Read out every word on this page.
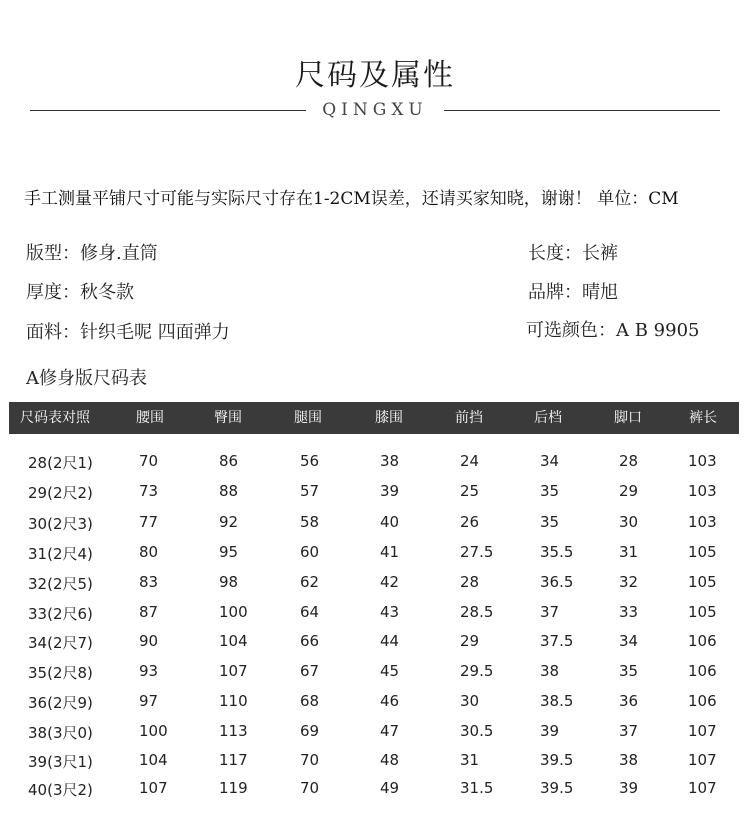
尺码及属性
QINGXU
手工测量平铺尺寸可能与实际尺寸存在1-2CM误差，还请买家知晓，谢谢！ 单位：CM
版型：修身.直筒
厚度：秋冬款
面料：针织毛呢 四面弹力
长度：长裤
品牌：晴旭
可选颜色：A B 9905
A修身版尺码表
尺码表对照	腰围	臀围	腿围	膝围	前挡	后档	脚口	裤长
28(2尺1)	70	86	56	38	24	34	28	103
29(2尺2)	73	88	57	39	25	35	29	103
30(2尺3)	77	92	58	40	26	35	30	103
31(2尺4)	80	95	60	41	27.5	35.5	31	105
32(2尺5)	83	98	62	42	28	36.5	32	105
33(2尺6)	87	100	64	43	28.5	37	33	105
34(2尺7)	90	104	66	44	29	37.5	34	106
35(2尺8)	93	107	67	45	29.5	38	35	106
36(2尺9)	97	110	68	46	30	38.5	36	106
38(3尺0)	100	113	69	47	30.5	39	37	107
39(3尺1)	104	117	70	48	31	39.5	38	107
40(3尺2)	107	119	70	49	31.5	39.5	39	107
